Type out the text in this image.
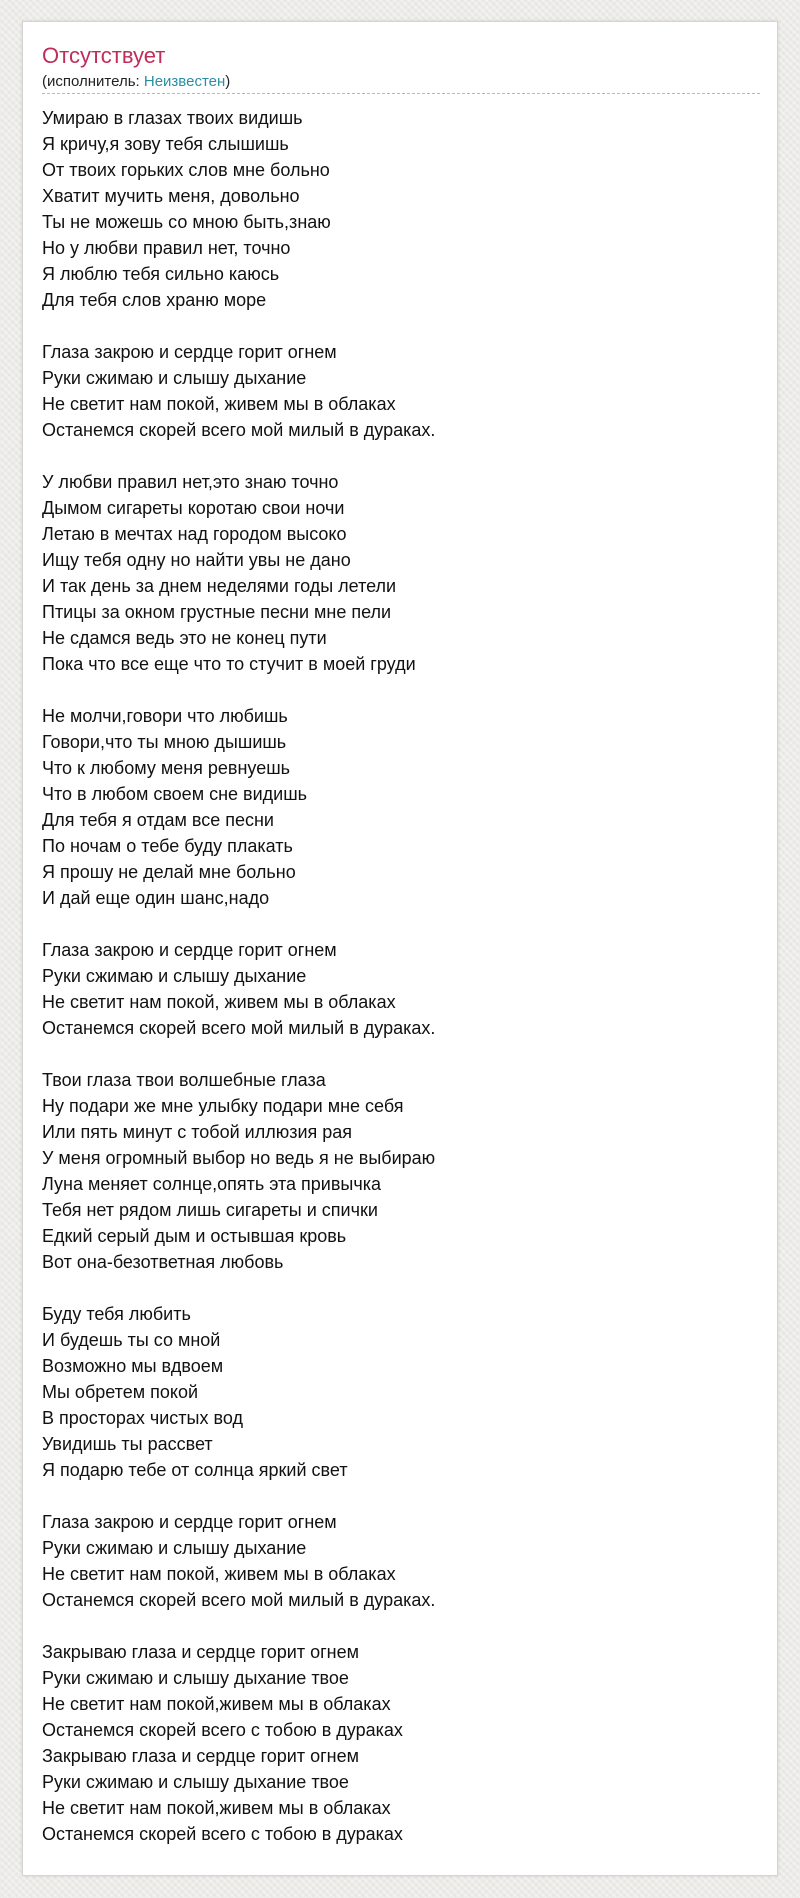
Отсутствует
(исполнитель: Неизвестен)
Умираю в глазах твоих видишь
Я кричу,я зову тебя слышишь
От твоих горьких слов мне больно
Хватит мучить меня, довольно
Ты не можешь со мною быть,знаю
Но у любви правил нет, точно
Я люблю тебя сильно каюсь
Для тебя слов храню море
Глаза закрою и сердце горит огнем
Руки сжимаю и слышу дыхание
Не светит нам покой, живем мы в облаках
Останемся скорей всего мой милый в дураках.
У любви правил нет,это знаю точно
Дымом сигареты коротаю свои ночи
Летаю в мечтах над городом высоко
Ищу тебя одну но найти увы не дано
И так день за днем неделями годы летели
Птицы за окном грустные песни мне пели
Не сдамся ведь это не конец пути
Пока что все еще что то стучит в моей груди
Не молчи,говори что любишь
Говори,что ты мною дышишь
Что к любому меня ревнуешь
Что в любом своем сне видишь
Для тебя я отдам все песни
По ночам о тебе буду плакать
Я прошу не делай мне больно
И дай еще один шанс,надо
Глаза закрою и сердце горит огнем
Руки сжимаю и слышу дыхание
Не светит нам покой, живем мы в облаках
Останемся скорей всего мой милый в дураках.
Твои глаза твои волшебные глаза
Ну подари же мне улыбку подари мне себя
Или пять минут с тобой иллюзия рая
У меня огромный выбор но ведь я не выбираю
Луна меняет солнце,опять эта привычка
Тебя нет рядом лишь сигареты и спички
Едкий серый дым и остывшая кровь
Вот она-безответная любовь
Буду тебя любить
И будешь ты со мной
Возможно мы вдвоем
Мы обретем покой
В просторах чистых вод
Увидишь ты рассвет
Я подарю тебе от солнца яркий свет
Глаза закрою и сердце горит огнем
Руки сжимаю и слышу дыхание
Не светит нам покой, живем мы в облаках
Останемся скорей всего мой милый в дураках.
Закрываю глаза и сердце горит огнем
Руки сжимаю и слышу дыхание твое
Не светит нам покой,живем мы в облаках
Останемся скорей всего с тобою в дураках
Закрываю глаза и сердце горит огнем
Руки сжимаю и слышу дыхание твое
Не светит нам покой,живем мы в облаках
Останемся скорей всего с тобою в дураках
